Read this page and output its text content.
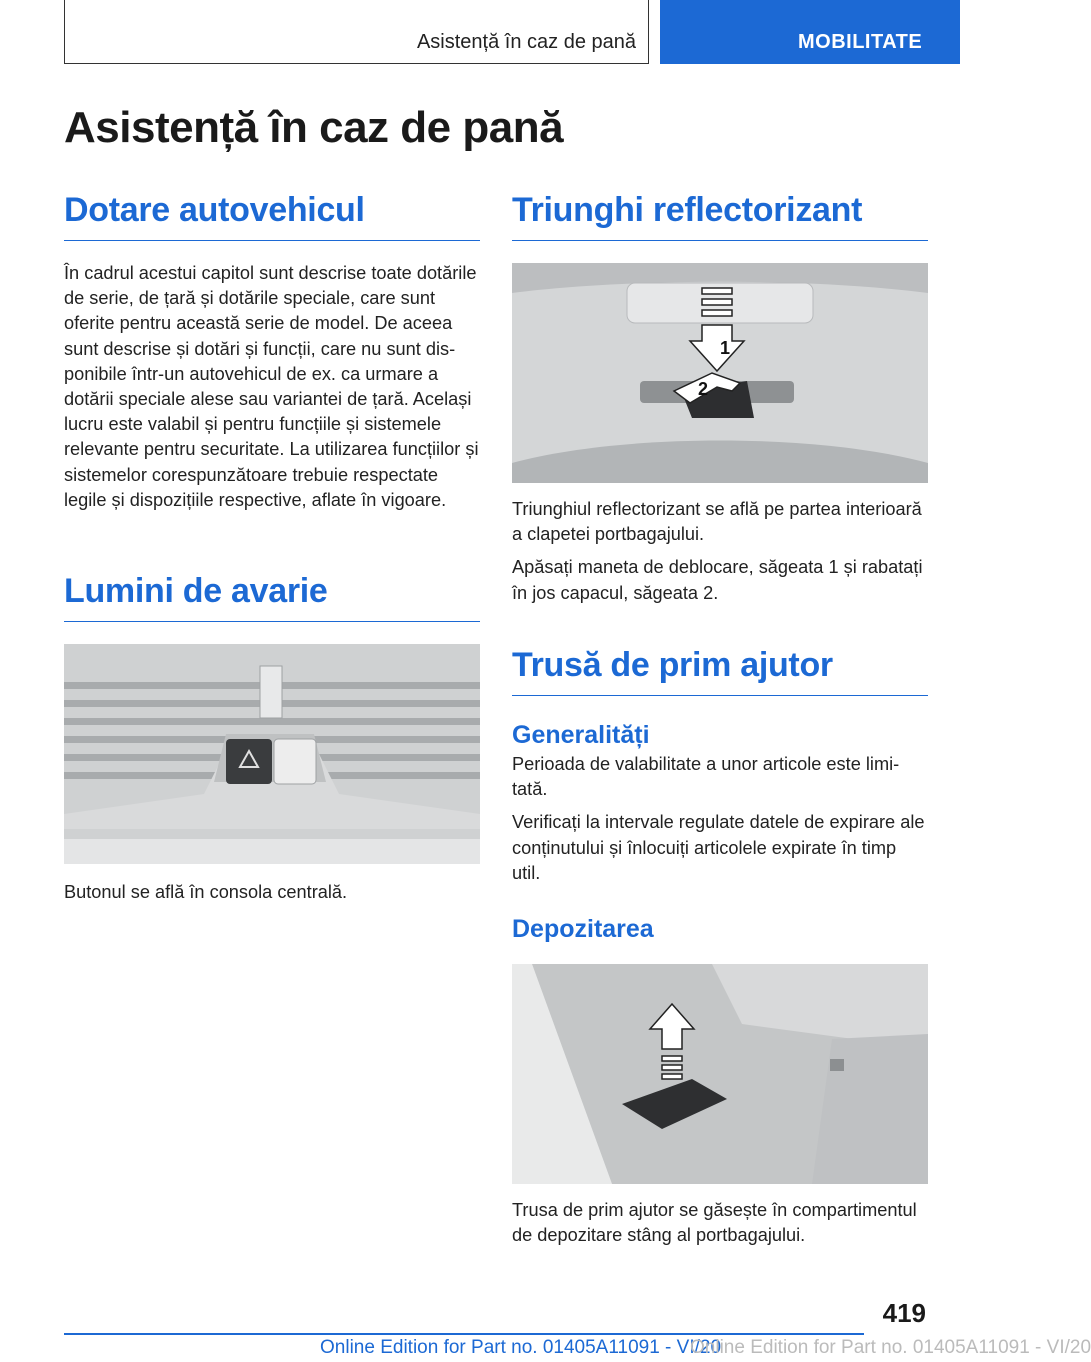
Asistență în caz de pană	MOBILITATE
Asistență în caz de pană
Dotare autovehicul

În cadrul acestui capitol sunt descrise toate dotările de serie, de țară și dotările speciale, care sunt oferite pentru această serie de model. De aceea sunt descrise și dotări și funcții, care nu sunt disponibile într-un autovehicul de ex. ca urmare a dotării speciale alese sau variantei de țară. Același lucru este valabil și pentru funcțiile și sistemele relevante pentru securitate. La utilizarea funcțiilor și sistemelor corespunzătoare trebuie respectate legile și dispozițiile respective, aflate în vigoare.

Lumini de avarie

Butonul se află în consola centrală.

Triunghi reflectorizant
1
2

Triunghiul reflectorizant se află pe partea interioară a clapetei portbagajului.

Apăsați maneta de deblocare, săgeata 1 și rabatați în jos capacul, săgeata 2.

Trusă de prim ajutor
Generalități

Perioada de valabilitate a unor articole este limitată.

Verificați la intervale regulate datele de expirare ale conținutului și înlocuiți articolele expirate în timp util.

Depozitarea

Trusa de prim ajutor se găsește în compartimentul de depozitare stâng al portbagajului.

419
Online Edition for Part no. 01405A11091 - VI/20
Online Edition for Part no. 01405A11091 - VI/20
